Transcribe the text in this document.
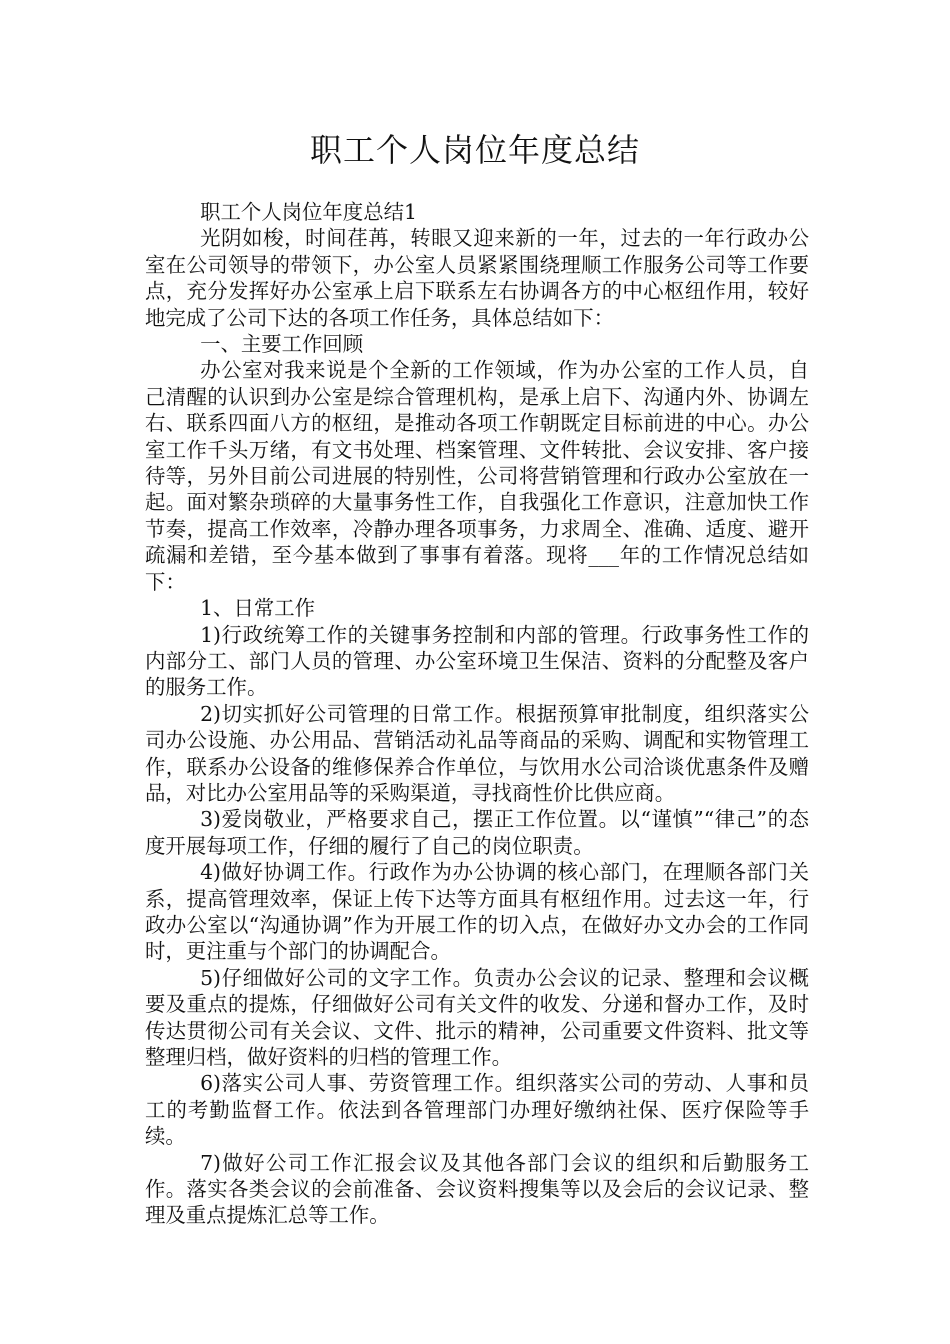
职工个人岗位年度总结

职工个人岗位年度总结1

光阴如梭，时间荏苒，转眼又迎来新的一年，过去的一年行政办公室在公司领导的带领下，办公室人员紧紧围绕理顺工作服务公司等工作要点，充分发挥好办公室承上启下联系左右协调各方的中心枢纽作用，较好地完成了公司下达的各项工作任务，具体总结如下：

一、主要工作回顾

办公室对我来说是个全新的工作领域，作为办公室的工作人员，自己清醒的认识到办公室是综合管理机构，是承上启下、沟通内外、协调左右、联系四面八方的枢纽，是推动各项工作朝既定目标前进的中心。办公室工作千头万绪，有文书处理、档案管理、文件转批、会议安排、客户接待等，另外目前公司进展的特别性，公司将营销管理和行政办公室放在一起。面对繁杂琐碎的大量事务性工作，自我强化工作意识，注意加快工作节奏，提高工作效率，冷静办理各项事务，力求周全、准确、适度、避开疏漏和差错，至今基本做到了事事有着落。现将___年的工作情况总结如下：

1、日常工作

1)行政统筹工作的关键事务控制和内部的管理。行政事务性工作的内部分工、部门人员的管理、办公室环境卫生保洁、资料的分配整及客户的服务工作。

2)切实抓好公司管理的日常工作。根据预算审批制度，组织落实公司办公设施、办公用品、营销活动礼品等商品的采购、调配和实物管理工作，联系办公设备的维修保养合作单位，与饮用水公司洽谈优惠条件及赠品，对比办公室用品等的采购渠道，寻找商性价比供应商。

3)爱岗敬业，严格要求自己，摆正工作位置。以“谨慎”“律己”的态度开展每项工作，仔细的履行了自己的岗位职责。

4)做好协调工作。行政作为办公协调的核心部门，在理顺各部门关系，提高管理效率，保证上传下达等方面具有枢纽作用。过去这一年，行政办公室以“沟通协调”作为开展工作的切入点，在做好办文办会的工作同时，更注重与个部门的协调配合。

5)仔细做好公司的文字工作。负责办公会议的记录、整理和会议概要及重点的提炼，仔细做好公司有关文件的收发、分递和督办工作，及时传达贯彻公司有关会议、文件、批示的精神，公司重要文件资料、批文等整理归档，做好资料的归档的管理工作。

6)落实公司人事、劳资管理工作。组织落实公司的劳动、人事和员工的考勤监督工作。依法到各管理部门办理好缴纳社保、医疗保险等手续。

7)做好公司工作汇报会议及其他各部门会议的组织和后勤服务工作。落实各类会议的会前准备、会议资料搜集等以及会后的会议记录、整理及重点提炼汇总等工作。
